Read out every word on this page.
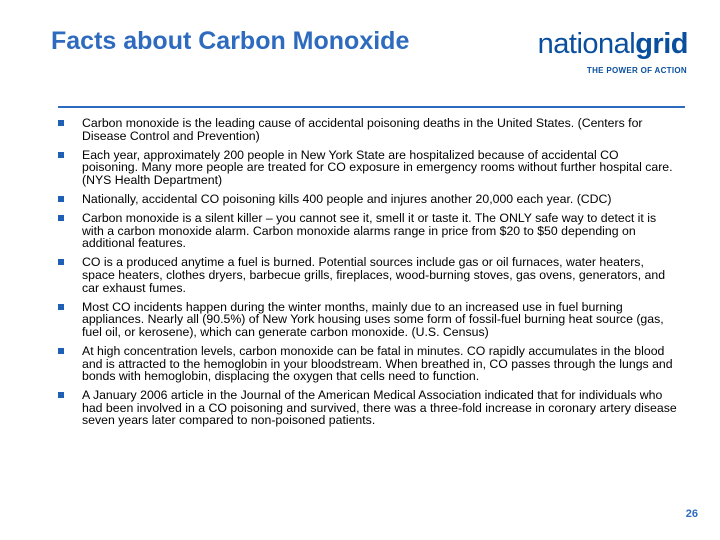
Facts about Carbon Monoxide	nationalgrid
THE POWER OF ACTION
Carbon monoxide is the leading cause of accidental poisoning deaths in the United States. (Centers for Disease Control and Prevention)
Each year, approximately 200 people in New York State are hospitalized because of accidental CO poisoning. Many more people are treated for CO exposure in emergency rooms without further hospital care. (NYS Health Department)
Nationally, accidental CO poisoning kills 400 people and injures another 20,000 each year. (CDC)
Carbon monoxide is a silent killer – you cannot see it, smell it or taste it. The ONLY safe way to detect it is with a carbon monoxide alarm. Carbon monoxide alarms range in price from $20 to $50 depending on additional features.
CO is a produced anytime a fuel is burned. Potential sources include gas or oil furnaces, water heaters, space heaters, clothes dryers, barbecue grills, fireplaces, wood-burning stoves, gas ovens, generators, and car exhaust fumes.
Most CO incidents happen during the winter months, mainly due to an increased use in fuel burning appliances. Nearly all (90.5%) of New York housing uses some form of fossil-fuel burning heat source (gas, fuel oil, or kerosene), which can generate carbon monoxide. (U.S. Census)
At high concentration levels, carbon monoxide can be fatal in minutes. CO rapidly accumulates in the blood and is attracted to the hemoglobin in your bloodstream. When breathed in, CO passes through the lungs and bonds with hemoglobin, displacing the oxygen that cells need to function.
A January 2006 article in the Journal of the American Medical Association indicated that for individuals who had been involved in a CO poisoning and survived, there was a three-fold increase in coronary artery disease seven years later compared to non-poisoned patients.
26
